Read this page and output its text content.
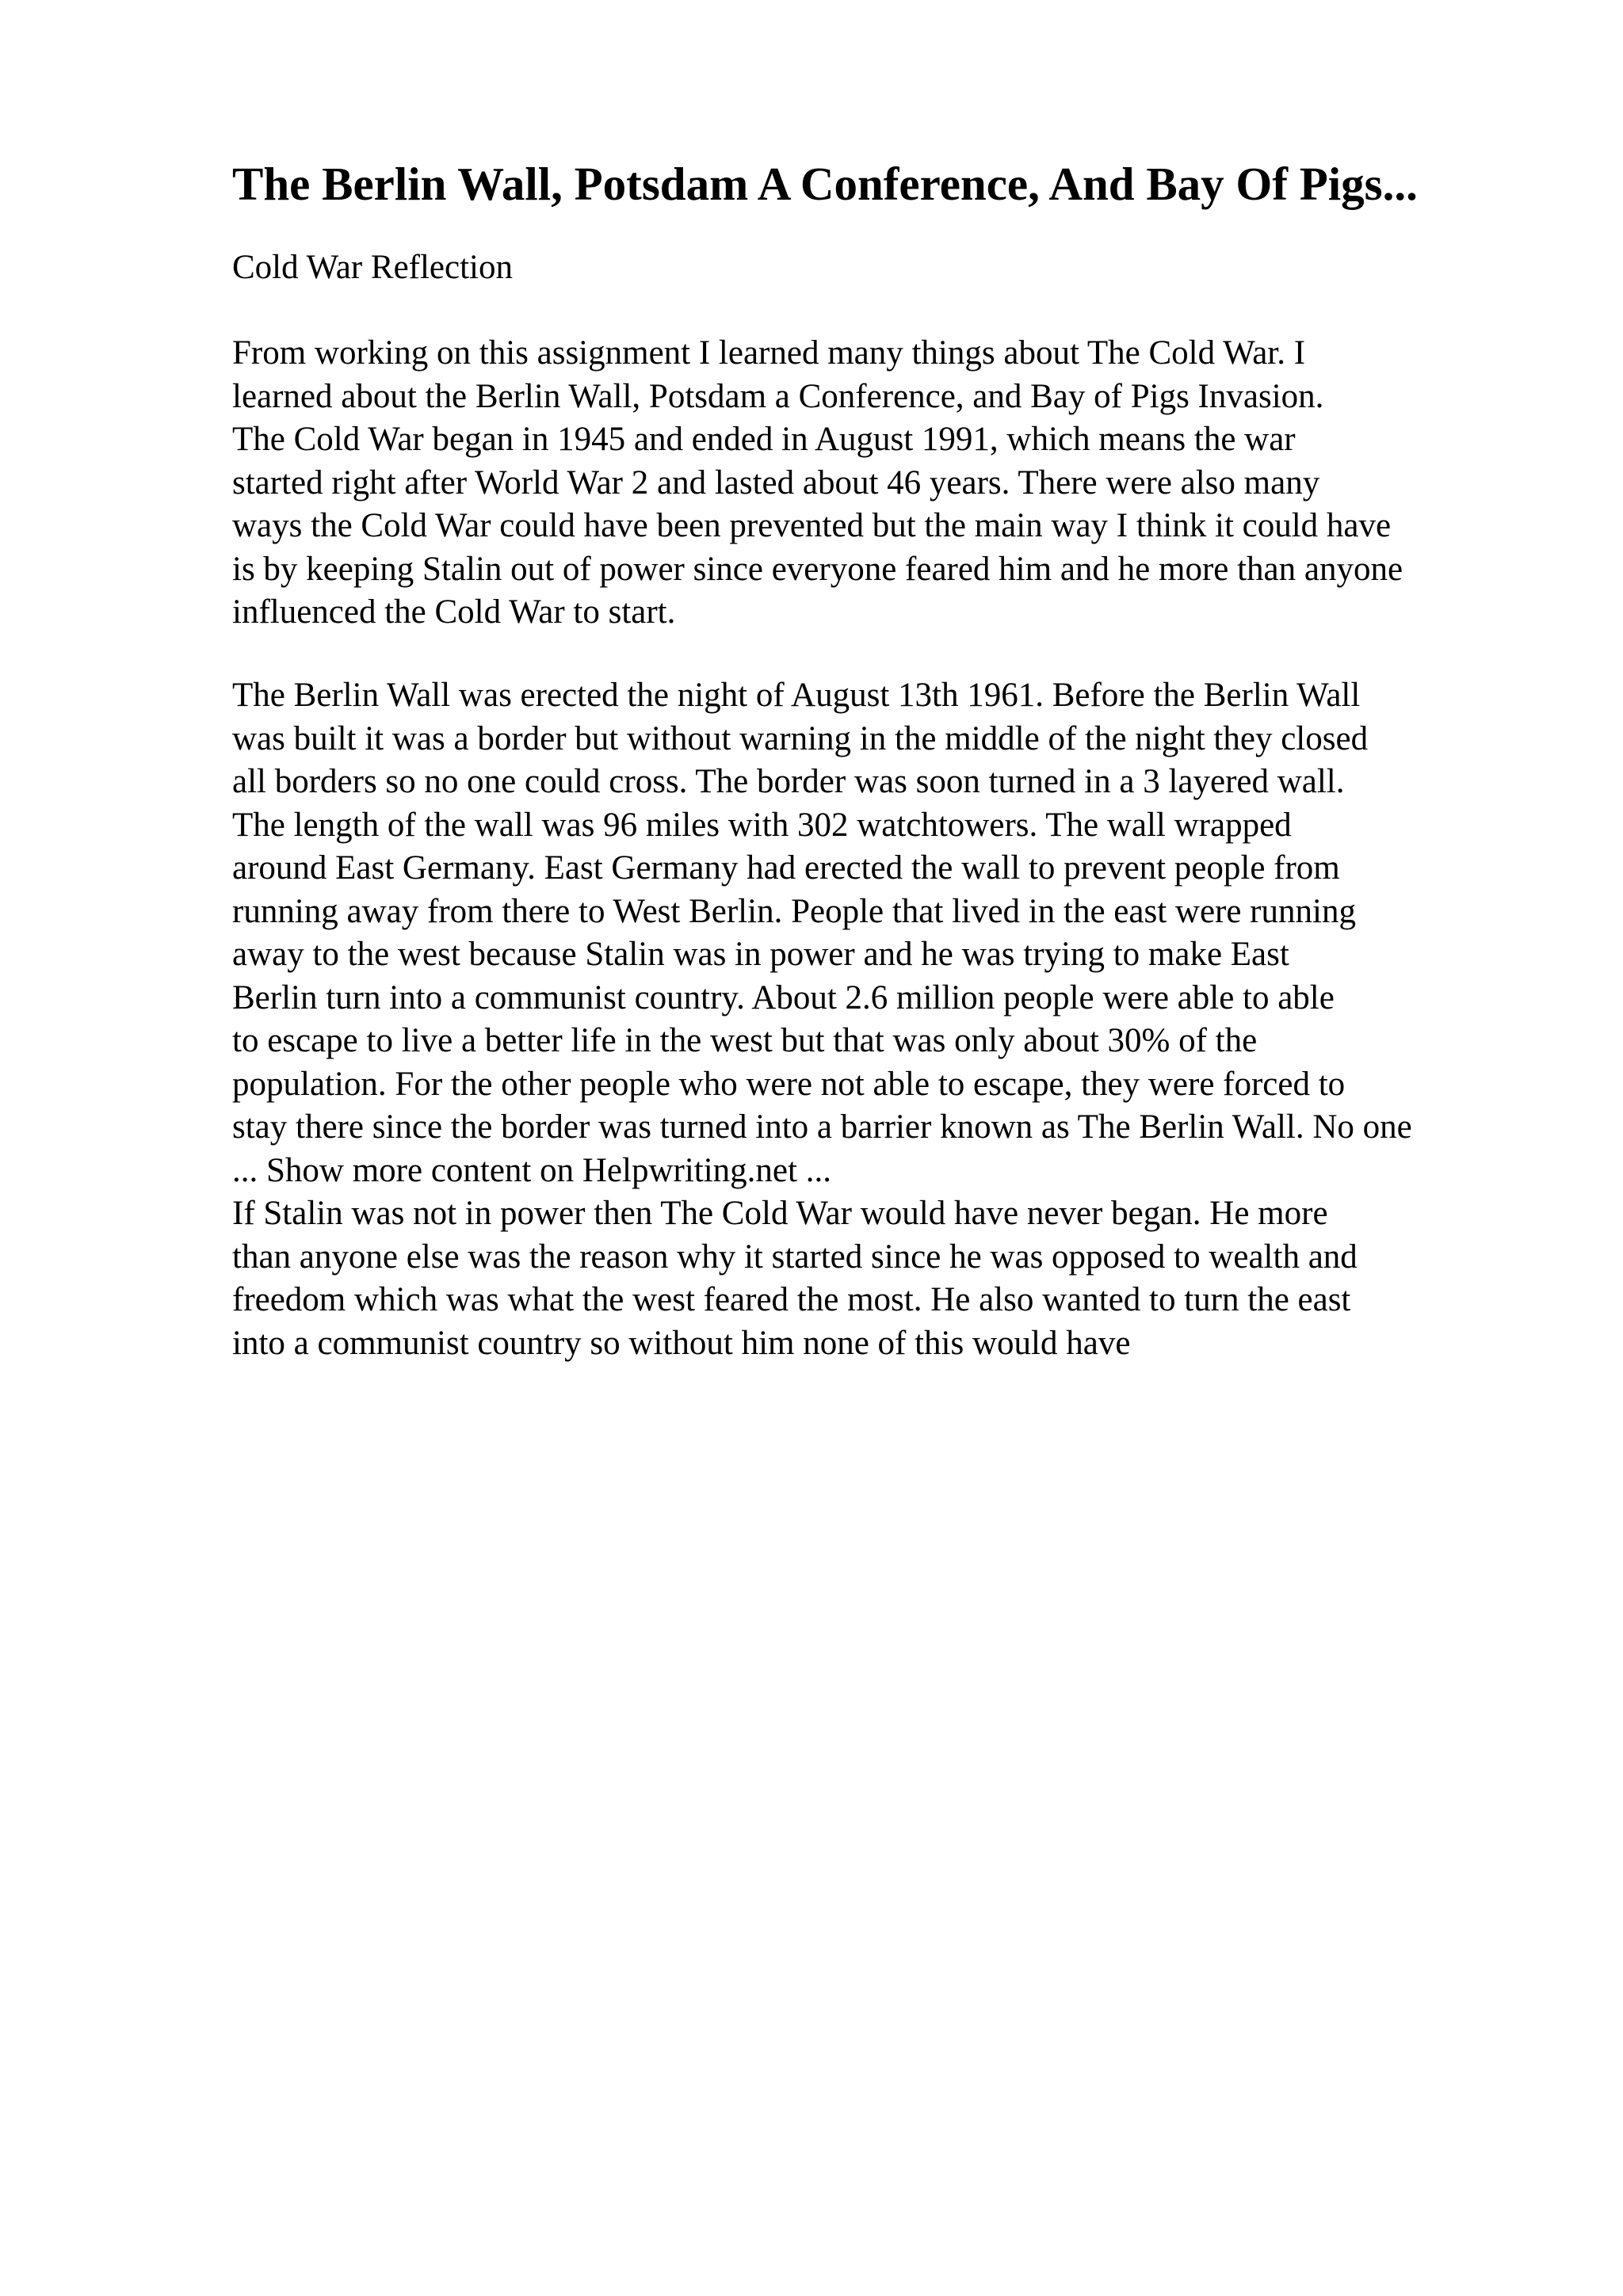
The Berlin Wall, Potsdam A Conference, And Bay Of Pigs...

Cold War Reflection

From working on this assignment I learned many things about The Cold War. I
learned about the Berlin Wall, Potsdam a Conference, and Bay of Pigs Invasion.
The Cold War began in 1945 and ended in August 1991, which means the war
started right after World War 2 and lasted about 46 years. There were also many
ways the Cold War could have been prevented but the main way I think it could have
is by keeping Stalin out of power since everyone feared him and he more than anyone
influenced the Cold War to start.
The Berlin Wall was erected the night of August 13th 1961. Before the Berlin Wall
was built it was a border but without warning in the middle of the night they closed
all borders so no one could cross. The border was soon turned in a 3 layered wall.
The length of the wall was 96 miles with 302 watchtowers. The wall wrapped
around East Germany. East Germany had erected the wall to prevent people from
running away from there to West Berlin. People that lived in the east were running
away to the west because Stalin was in power and he was trying to make East
Berlin turn into a communist country. About 2.6 million people were able to able
to escape to live a better life in the west but that was only about 30% of the
population. For the other people who were not able to escape, they were forced to
stay there since the border was turned into a barrier known as The Berlin Wall. No one
... Show more content on Helpwriting.net ...
If Stalin was not in power then The Cold War would have never began. He more
than anyone else was the reason why it started since he was opposed to wealth and
freedom which was what the west feared the most. He also wanted to turn the east
into a communist country so without him none of this would have
